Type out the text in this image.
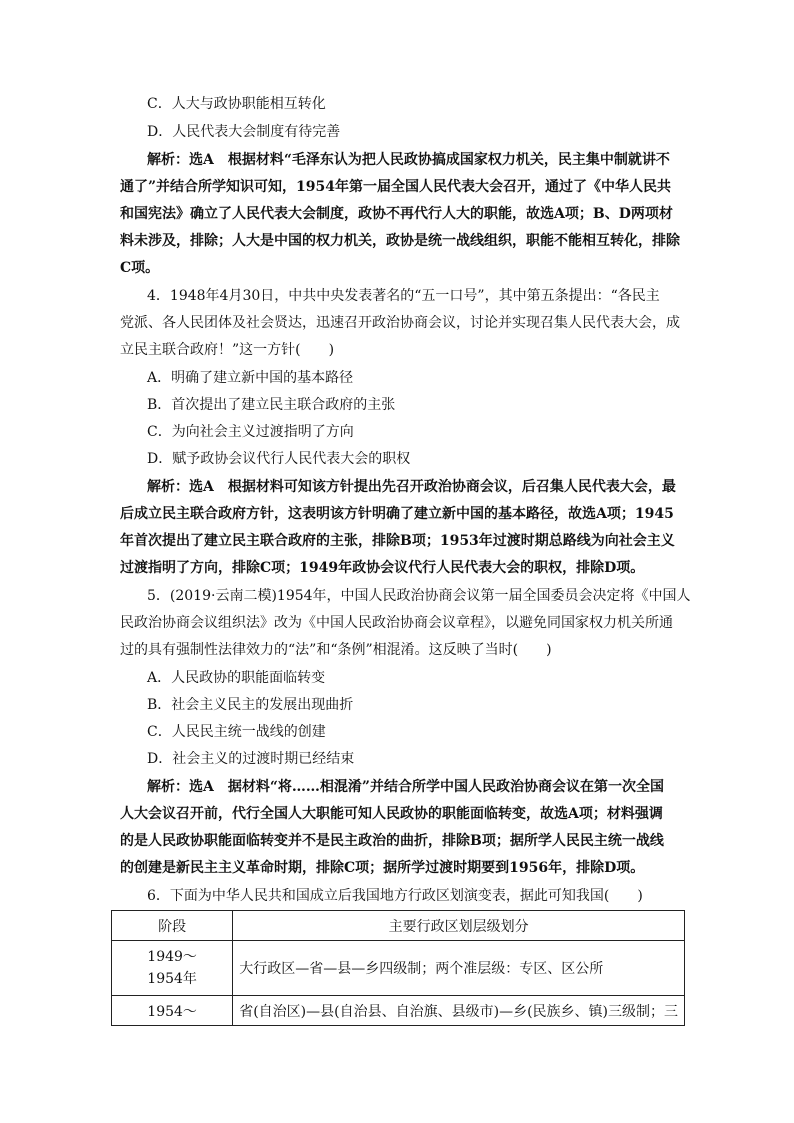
C．人大与政协职能相互转化
D．人民代表大会制度有待完善
解析：选A　根据材料“毛泽东认为把人民政协搞成国家权力机关，民主集中制就讲不
通了”并结合所学知识可知，1954年第一届全国人民代表大会召开，通过了《中华人民共
和国宪法》确立了人民代表大会制度，政协不再代行人大的职能，故选A项；B、D两项材
料未涉及，排除；人大是中国的权力机关，政协是统一战线组织，职能不能相互转化，排除
C项。
4．1948年4月30日，中共中央发表著名的“五一口号”，其中第五条提出：“各民主
党派、各人民团体及社会贤达，迅速召开政治协商会议，讨论并实现召集人民代表大会，成
立民主联合政府！”这一方针(　　)
A．明确了建立新中国的基本路径
B．首次提出了建立民主联合政府的主张
C．为向社会主义过渡指明了方向
D．赋予政协会议代行人民代表大会的职权
解析：选A　根据材料可知该方针提出先召开政治协商会议，后召集人民代表大会，最
后成立民主联合政府方针，这表明该方针明确了建立新中国的基本路径，故选A项；1945
年首次提出了建立民主联合政府的主张，排除B项；1953年过渡时期总路线为向社会主义
过渡指明了方向，排除C项；1949年政协会议代行人民代表大会的职权，排除D项。
5．(2019·云南二模)1954年，中国人民政治协商会议第一届全国委员会决定将《中国人
民政治协商会议组织法》改为《中国人民政治协商会议章程》，以避免同国家权力机关所通
过的具有强制性法律效力的“法”和“条例”相混淆。这反映了当时(　　)
A．人民政协的职能面临转变
B．社会主义民主的发展出现曲折
C．人民民主统一战线的创建
D．社会主义的过渡时期已经结束
解析：选A　据材料“将……相混淆”并结合所学中国人民政治协商会议在第一次全国
人大会议召开前，代行全国人大职能可知人民政协的职能面临转变，故选A项；材料强调
的是人民政协职能面临转变并不是民主政治的曲折，排除B项；据所学人民民主统一战线
的创建是新民主主义革命时期，排除C项；据所学过渡时期要到1956年，排除D项。
6．下面为中华人民共和国成立后我国地方行政区划演变表，据此可知我国(　　)
阶段	主要行政区划层级划分

1949～
1954年	大行政区—省—县—乡四级制；两个准层级：专区、区公所
1954～	省(自治区)—县(自治县、自治旗、县级市)—乡(民族乡、镇)三级制；三
